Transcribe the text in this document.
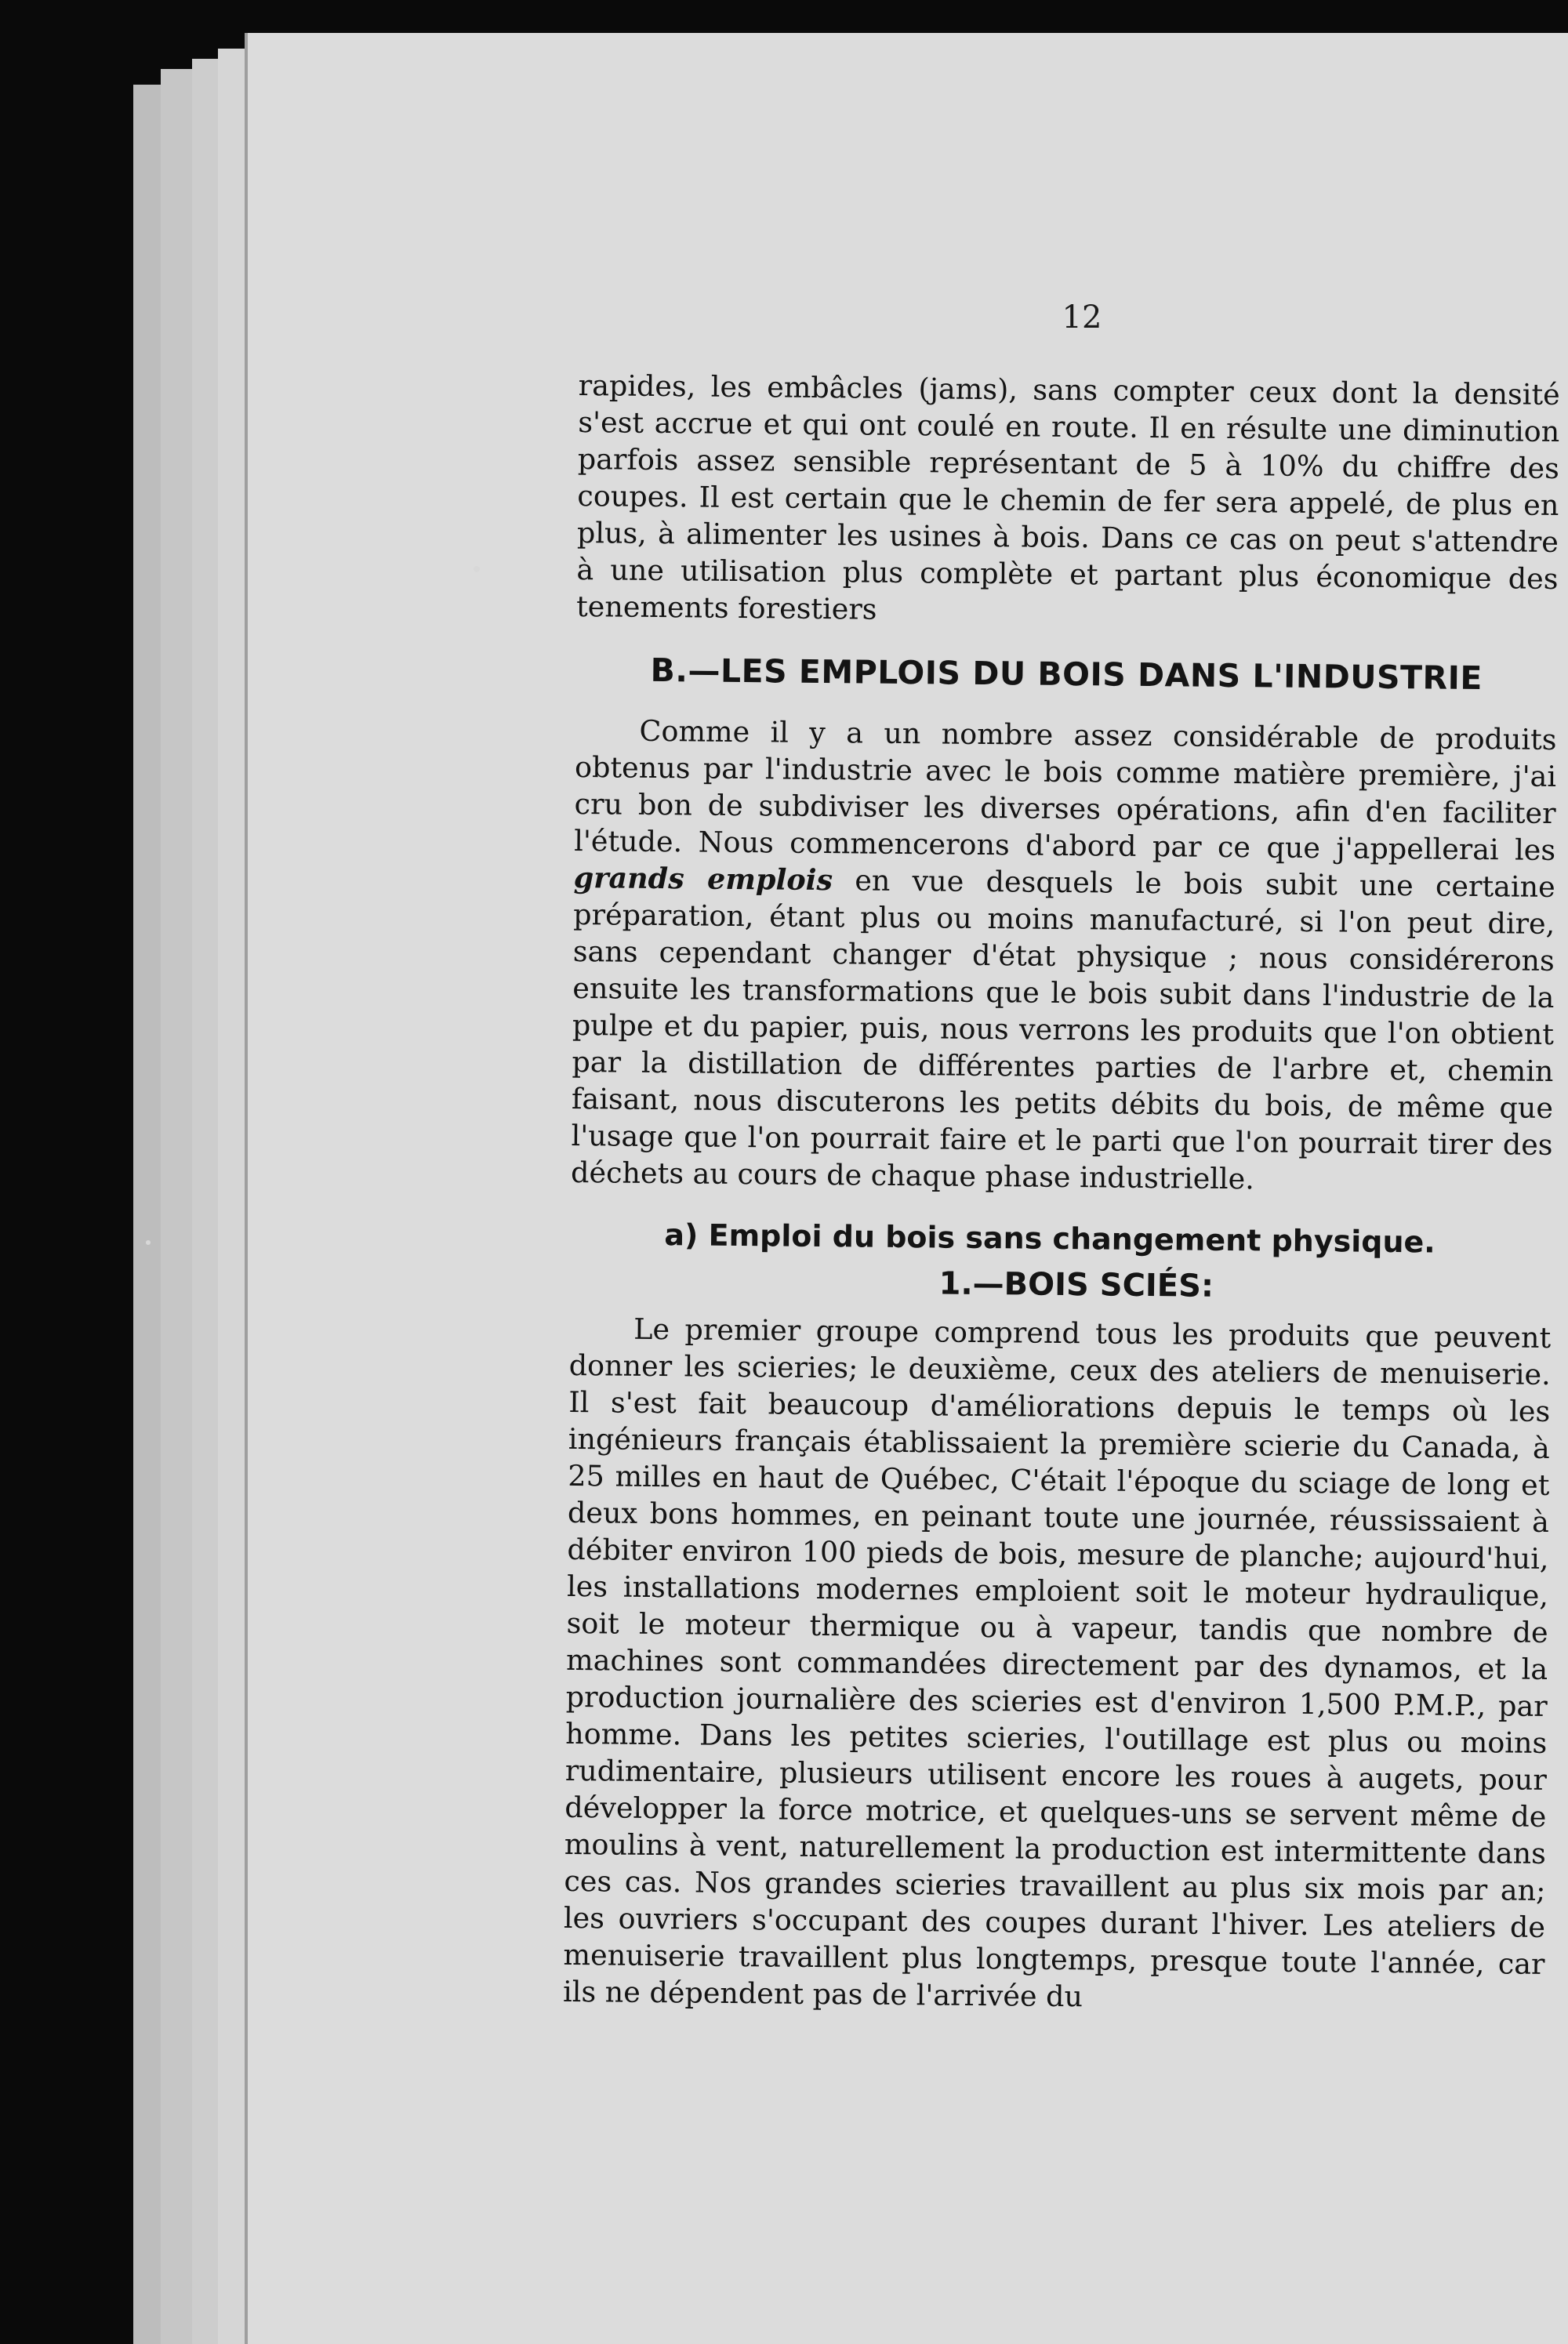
12

rapides, les embâcles (jams), sans compter ceux dont la densité s'est accrue et qui ont coulé en route. Il en résulte une diminution parfois assez sensible représentant de 5 à 10% du chiffre des coupes. Il est certain que le chemin de fer sera appelé, de plus en plus, à alimenter les usines à bois. Dans ce cas on peut s'attendre à une utilisation plus complète et partant plus économique des tenements forestiers

B.—LES EMPLOIS DU BOIS DANS L'INDUSTRIE

Comme il y a un nombre assez considérable de produits obtenus par l'industrie avec le bois comme matière première, j'ai cru bon de subdiviser les diverses opérations, afin d'en faciliter l'étude. Nous commencerons d'abord par ce que j'appellerai les grands emplois en vue desquels le bois subit une certaine préparation, étant plus ou moins manufacturé, si l'on peut dire, sans cependant changer d'état physique ; nous considérerons ensuite les transformations que le bois subit dans l'industrie de la pulpe et du papier, puis, nous verrons les produits que l'on obtient par la distillation de différentes parties de l'arbre et, chemin faisant, nous discuterons les petits débits du bois, de même que l'usage que l'on pourrait faire et le parti que l'on pourrait tirer des déchets au cours de chaque phase industrielle.

a) Emploi du bois sans changement physique.
1.—BOIS SCIÉS:

Le premier groupe comprend tous les produits que peuvent donner les scieries; le deuxième, ceux des ateliers de menuiserie. Il s'est fait beaucoup d'améliorations depuis le temps où les ingénieurs français établissaient la première scierie du Canada, à 25 milles en haut de Québec, C'était l'époque du sciage de long et deux bons hommes, en peinant toute une journée, réussissaient à débiter environ 100 pieds de bois, mesure de planche; aujourd'hui, les installations modernes emploient soit le moteur hydraulique, soit le moteur thermique ou à vapeur, tandis que nombre de machines sont commandées directement par des dynamos, et la production journalière des scieries est d'environ 1,500 P.M.P., par homme. Dans les petites scieries, l'outillage est plus ou moins rudimentaire, plusieurs utilisent encore les roues à augets, pour développer la force motrice, et quelques-uns se servent même de moulins à vent, naturellement la production est intermittente dans ces cas. Nos grandes scieries travaillent au plus six mois par an; les ouvriers s'occupant des coupes durant l'hiver. Les ateliers de menuiserie travaillent plus longtemps, presque toute l'année, car ils ne dépendent pas de l'arrivée du
